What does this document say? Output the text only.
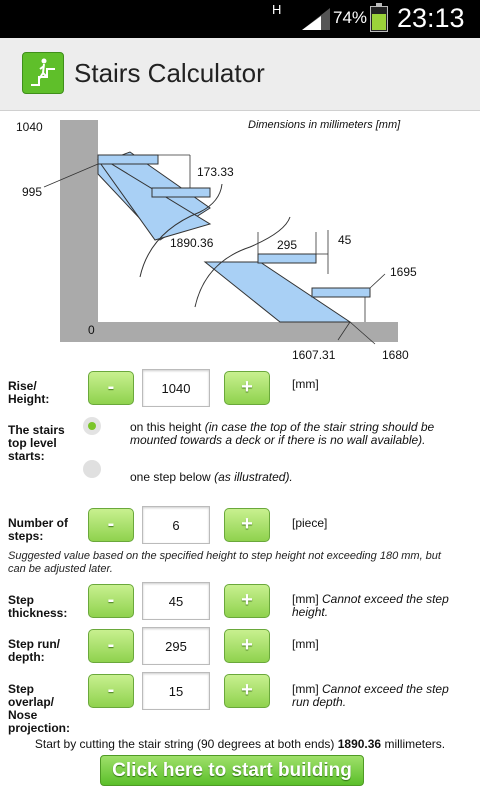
H	74% 23:13
Stairs Calculator
1040
995
0
173.33
1890.36	295	45
1695
1607.31	1680
Dimensions in millimeters [mm]
Rise/ Height:
-
1040	+	[mm]
The stairs top level starts:
on this height (in case the top of the stair string should be mounted towards a deck or if there is no wall available).
one step below (as illustrated).
Number of steps:
-
6	+	[piece]
Suggested value based on the specified height to step height not exceeding 180 mm, but can be adjusted later.
Step thickness:
-
45	+	[mm] Cannot exceed the step height.
Step run/ depth:
-
295	+	[mm]
Step overlap/ Nose projection:
-
15	+	[mm] Cannot exceed the step run depth.
Start by cutting the stair string (90 degrees at both ends) 1890.36 millimeters.
Click here to start building
